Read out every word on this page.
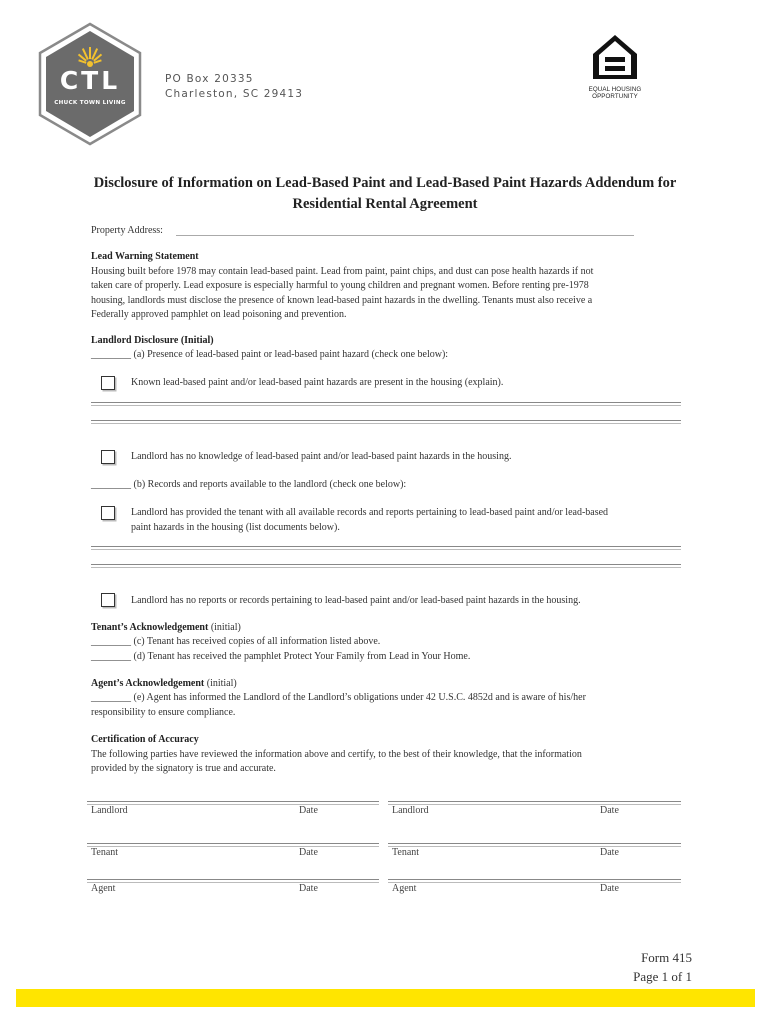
CTL
CHUCK TOWN LIVING
PO Box 20335
Charleston, SC 29413	EQUAL HOUSING
OPPORTUNITY
Disclosure of Information on Lead-Based Paint and Lead-Based Paint Hazards Addendum for
Residential Rental Agreement
Property Address:
Lead Warning Statement
Housing built before 1978 may contain lead-based paint. Lead from paint, paint chips, and dust can pose health hazards if not
taken care of properly. Lead exposure is especially harmful to young children and pregnant women. Before renting pre-1978
housing, landlords must disclose the presence of known lead-based paint hazards in the dwelling. Tenants must also receive a
Federally approved pamphlet on lead poisoning and prevention.
Landlord Disclosure (Initial)
________ (a) Presence of lead-based paint or lead-based paint hazard (check one below):
Known lead-based paint and/or lead-based paint hazards are present in the housing (explain).
Landlord has no knowledge of lead-based paint and/or lead-based paint hazards in the housing.
________ (b) Records and reports available to the landlord (check one below):
Landlord has provided the tenant with all available records and reports pertaining to lead-based paint and/or lead-based
paint hazards in the housing (list documents below).
Landlord has no reports or records pertaining to lead-based paint and/or lead-based paint hazards in the housing.
Tenant’s Acknowledgement (initial)
________ (c) Tenant has received copies of all information listed above.
________ (d) Tenant has received the pamphlet Protect Your Family from Lead in Your Home.
Agent’s Acknowledgement (initial)
________ (e) Agent has informed the Landlord of the Landlord’s obligations under 42 U.S.C. 4852d and is aware of his/her
responsibility to ensure compliance.
Certification of Accuracy
The following parties have reviewed the information above and certify, to the best of their knowledge, that the information
provided by the signatory is true and accurate.
Landlord	Date	Landlord	Date
Tenant	Date	Tenant	Date
Agent	Date	Agent	Date
Form 415
Page 1 of 1
